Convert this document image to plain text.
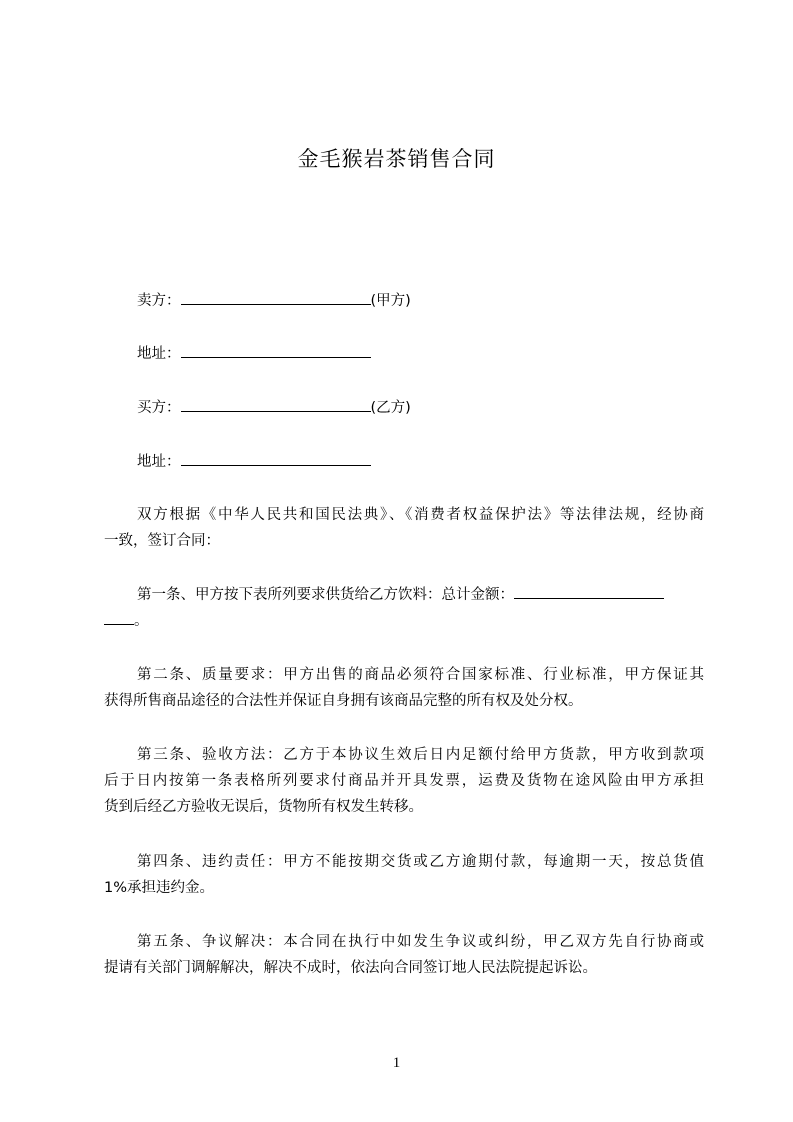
金毛猴岩茶销售合同
卖方：	(甲方)
地址：
买方：	(乙方)
地址：
双方根据《中华人民共和国民法典》、《消费者权益保护法》等法律法规，经协商
一致，签订合同：
第一条、甲方按下表所列要求供货给乙方饮料：总计金额：
。
第二条、质量要求：甲方出售的商品必须符合国家标准、行业标准，甲方保证其
获得所售商品途径的合法性并保证自身拥有该商品完整的所有权及处分权。
第三条、验收方法：乙方于本协议生效后日内足额付给甲方货款，甲方收到款项
后于日内按第一条表格所列要求付商品并开具发票，运费及货物在途风险由甲方承担
货到后经乙方验收无误后，货物所有权发生转移。
第四条、违约责任：甲方不能按期交货或乙方逾期付款，每逾期一天，按总货值
1%承担违约金。
第五条、争议解决：本合同在执行中如发生争议或纠纷，甲乙双方先自行协商或
提请有关部门调解解决，解决不成时，依法向合同签订地人民法院提起诉讼。
1
